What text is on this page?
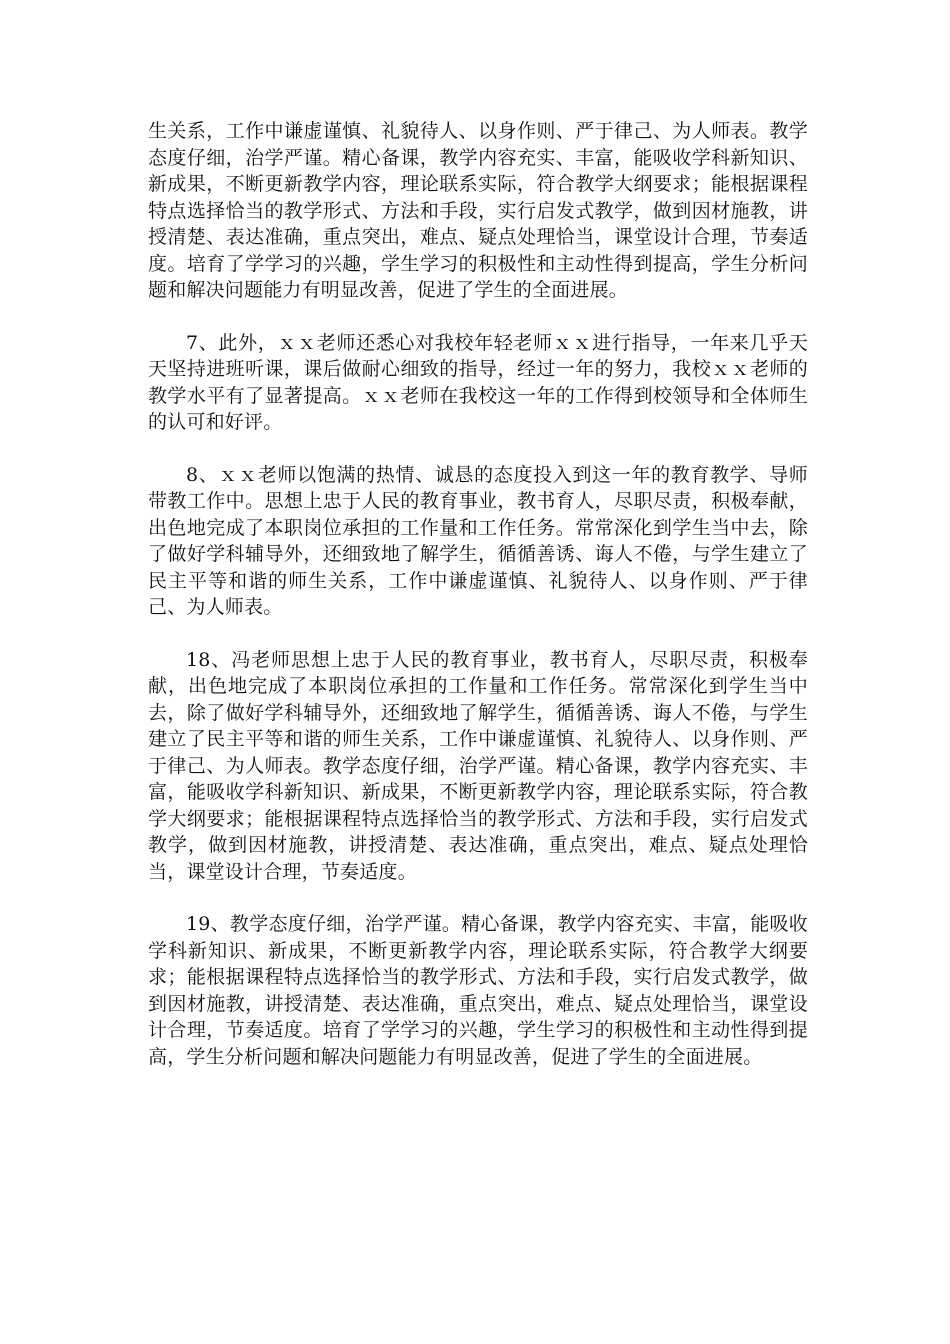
生关系，工作中谦虚谨慎、礼貌待人、以身作则、严于律己、为人师表。教学态度仔细，治学严谨。精心备课，教学内容充实、丰富，能吸收学科新知识、新成果，不断更新教学内容，理论联系实际，符合教学大纲要求；能根据课程特点选择恰当的教学形式、方法和手段，实行启发式教学，做到因材施教，讲授清楚、表达准确，重点突出，难点、疑点处理恰当，课堂设计合理，节奏适度。培育了学学习的兴趣，学生学习的积极性和主动性得到提高，学生分析问题和解决问题能力有明显改善，促进了学生的全面进展。

7、此外，ｘｘ老师还悉心对我校年轻老师ｘｘ进行指导，一年来几乎天天坚持进班听课，课后做耐心细致的指导，经过一年的努力，我校ｘｘ老师的教学水平有了显著提高。ｘｘ老师在我校这一年的工作得到校领导和全体师生的认可和好评。

8、ｘｘ老师以饱满的热情、诚恳的态度投入到这一年的教育教学、导师带教工作中。思想上忠于人民的教育事业，教书育人，尽职尽责，积极奉献，出色地完成了本职岗位承担的工作量和工作任务。常常深化到学生当中去，除了做好学科辅导外，还细致地了解学生，循循善诱、诲人不倦，与学生建立了民主平等和谐的师生关系，工作中谦虚谨慎、礼貌待人、以身作则、严于律己、为人师表。

18、冯老师思想上忠于人民的教育事业，教书育人，尽职尽责，积极奉献，出色地完成了本职岗位承担的工作量和工作任务。常常深化到学生当中去，除了做好学科辅导外，还细致地了解学生，循循善诱、诲人不倦，与学生建立了民主平等和谐的师生关系，工作中谦虚谨慎、礼貌待人、以身作则、严于律己、为人师表。教学态度仔细，治学严谨。精心备课，教学内容充实、丰富，能吸收学科新知识、新成果，不断更新教学内容，理论联系实际，符合教学大纲要求；能根据课程特点选择恰当的教学形式、方法和手段，实行启发式教学，做到因材施教，讲授清楚、表达准确，重点突出，难点、疑点处理恰当，课堂设计合理，节奏适度。

19、教学态度仔细，治学严谨。精心备课，教学内容充实、丰富，能吸收学科新知识、新成果，不断更新教学内容，理论联系实际，符合教学大纲要求；能根据课程特点选择恰当的教学形式、方法和手段，实行启发式教学，做到因材施教，讲授清楚、表达准确，重点突出，难点、疑点处理恰当，课堂设计合理，节奏适度。培育了学学习的兴趣，学生学习的积极性和主动性得到提高，学生分析问题和解决问题能力有明显改善，促进了学生的全面进展。
